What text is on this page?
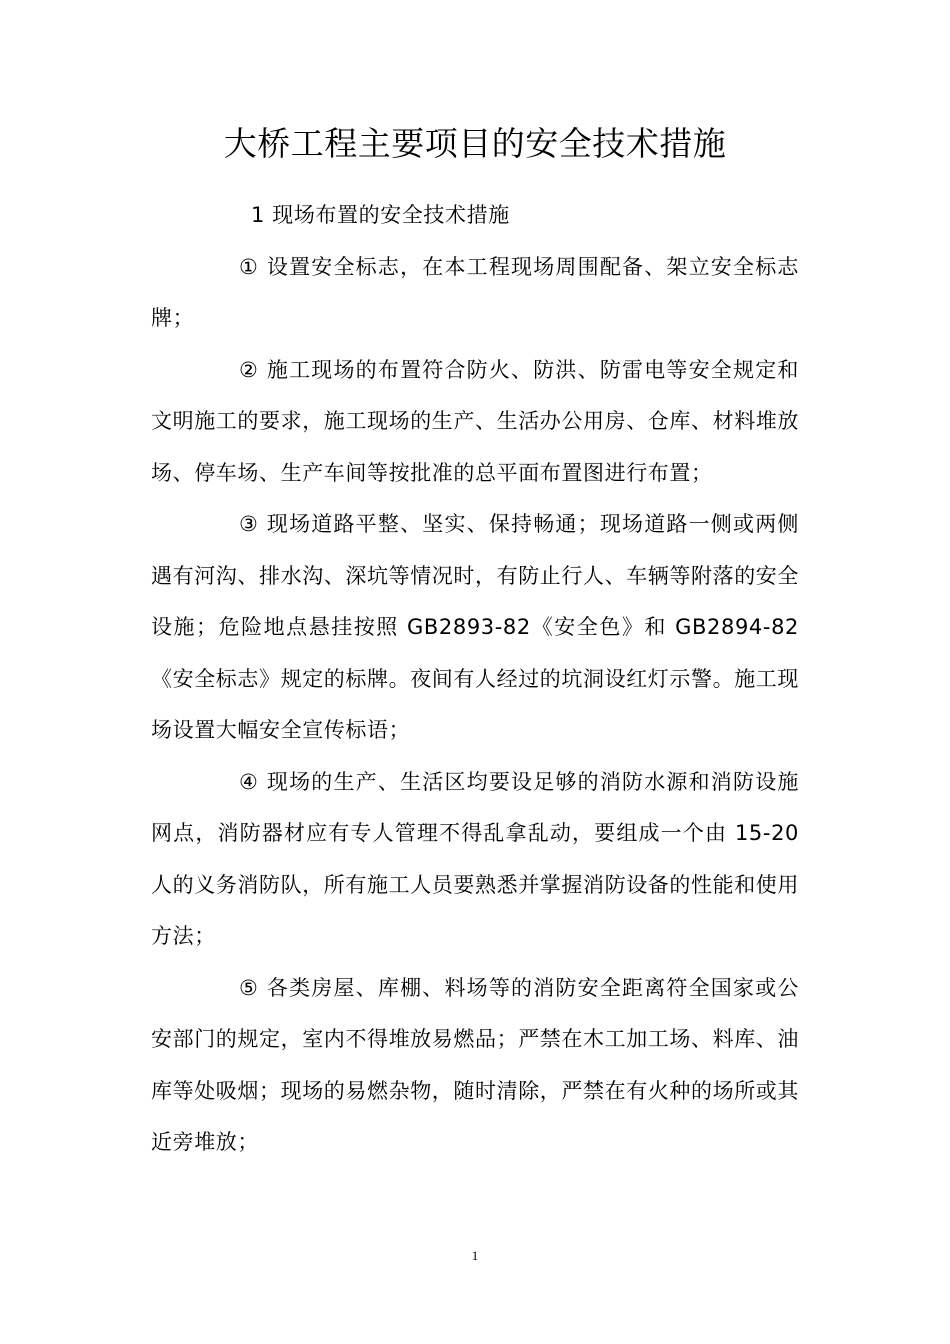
大桥工程主要项目的安全技术措施

1 现场布置的安全技术措施

① 设置安全标志，在本工程现场周围配备、架立安全标志牌；

② 施工现场的布置符合防火、防洪、防雷电等安全规定和文明施工的要求，施工现场的生产、生活办公用房、仓库、材料堆放场、停车场、生产车间等按批准的总平面布置图进行布置；

③ 现场道路平整、坚实、保持畅通；现场道路一侧或两侧遇有河沟、排水沟、深坑等情况时，有防止行人、车辆等附落的安全设施；危险地点悬挂按照 GB2893-82《安全色》和 GB2894-82《安全标志》规定的标牌。夜间有人经过的坑洞设红灯示警。施工现场设置大幅安全宣传标语；

④ 现场的生产、生活区均要设足够的消防水源和消防设施网点，消防器材应有专人管理不得乱拿乱动，要组成一个由 15-20 人的义务消防队，所有施工人员要熟悉并掌握消防设备的性能和使用方法；

⑤ 各类房屋、库棚、料场等的消防安全距离符全国家或公安部门的规定，室内不得堆放易燃品；严禁在木工加工场、料库、油库等处吸烟；现场的易燃杂物，随时清除，严禁在有火种的场所或其近旁堆放；

1
